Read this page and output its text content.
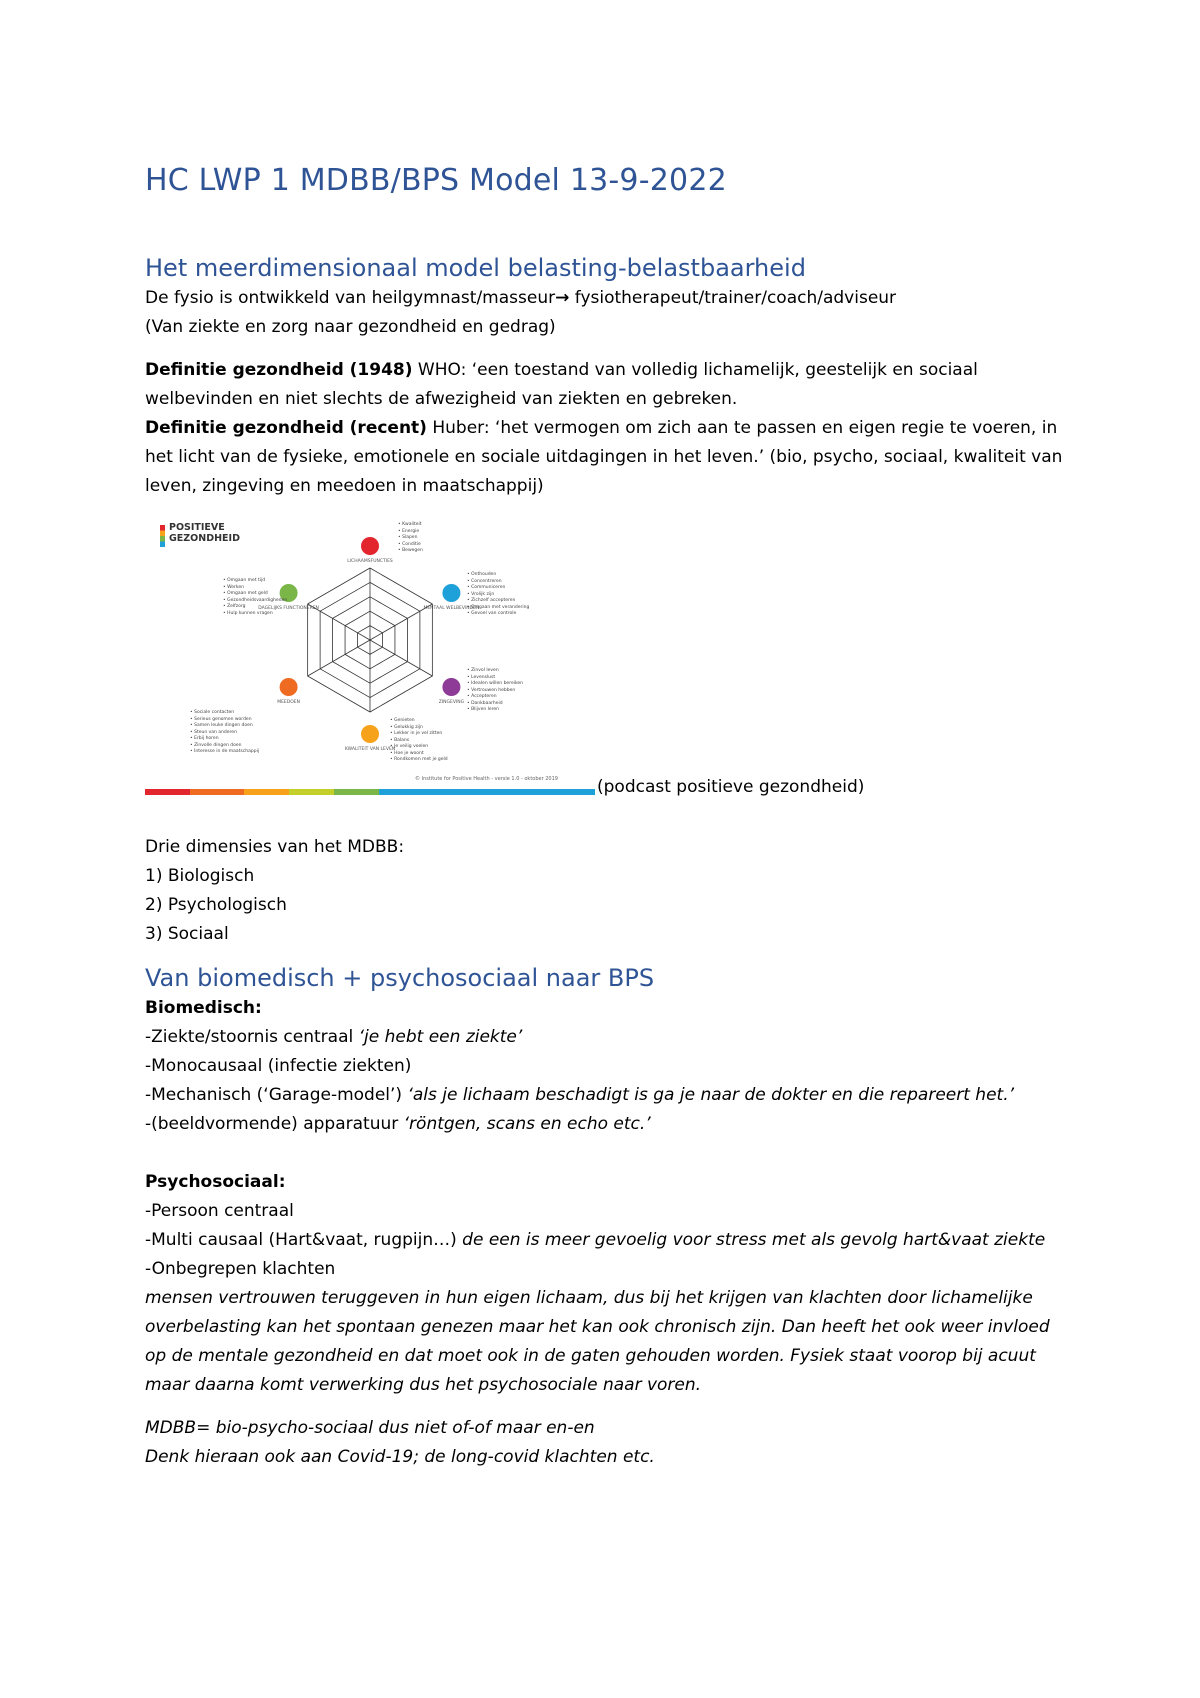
HC LWP 1 MDBB/BPS Model 13-9-2022
Het meerdimensionaal model belasting-belastbaarheid

De fysio is ontwikkeld van heilgymnast/masseur→ fysiotherapeut/trainer/coach/adviseur

(Van ziekte en zorg naar gezondheid en gedrag)

Definitie gezondheid (1948) WHO: ‘een toestand van volledig lichamelijk, geestelijk en sociaal welbevinden en niet slechts de afwezigheid van ziekten en gebreken.

Definitie gezondheid (recent) Huber: ‘het vermogen om zich aan te passen en eigen regie te voeren, in het licht van de fysieke, emotionele en sociale uitdagingen in het leven.’ (bio, psycho, sociaal, kwaliteit van leven, zingeving en meedoen in maatschappij)

POSITIEVE
GEZONDHEID
LICHAAMSFUNCTIES
MENTAAL WELBEVINDEN
ZINGEVING
KWALITEIT VAN LEVEN
MEEDOEN
DAGELIJKS FUNCTIONEREN
• Omgaan met tijd
• Werken
• Omgaan met geld
• Gezondheidsvaardigheden
• Zelfzorg
• Hulp kunnen vragen
• Kwaliteit
• Energie
• Slapen
• Conditie
• Bewegen
• Onthouden
• Concentreren
• Communiceren
• Vrolijk zijn
• Zichzelf accepteren
• Omgaan met verandering
• Gevoel van controle
• Zinvol leven
• Levenslust
• Idealen willen bereiken
• Vertrouwen hebben
• Accepteren
• Dankbaarheid
• Blijven leren
• Sociale contacten
• Serieus genomen worden
• Samen leuke dingen doen
• Steun van anderen
• Erbij horen
• Zinvolle dingen doen
• Interesse in de maatschappij
• Genieten
• Gelukkig zijn
• Lekker in je vel zitten
• Balans
• Je veilig voelen
• Hoe je woont
• Rondkomen met je geld
© Institute for Positive Health - versie 1.0 - oktober 2019 (podcast positieve gezondheid)

Drie dimensies van het MDBB:

1) Biologisch

2) Psychologisch

3) Sociaal

Van biomedisch + psychosociaal naar BPS

Biomedisch:

-Ziekte/stoornis centraal ‘je hebt een ziekte’

-Monocausaal (infectie ziekten)

-Mechanisch (‘Garage-model’) ‘als je lichaam beschadigt is ga je naar de dokter en die repareert het.’

-(beeldvormende) apparatuur ‘röntgen, scans en echo etc.’

Psychosociaal:

-Persoon centraal

-Multi causaal (Hart&vaat, rugpijn…) de een is meer gevoelig voor stress met als gevolg hart&vaat ziekte

-Onbegrepen klachten

mensen vertrouwen teruggeven in hun eigen lichaam, dus bij het krijgen van klachten door lichamelijke overbelasting kan het spontaan genezen maar het kan ook chronisch zijn. Dan heeft het ook weer invloed op de mentale gezondheid en dat moet ook in de gaten gehouden worden. Fysiek staat voorop bij acuut maar daarna komt verwerking dus het psychosociale naar voren.

MDBB= bio-psycho-sociaal dus niet of-of maar en-en

Denk hieraan ook aan Covid-19; de long-covid klachten etc.
